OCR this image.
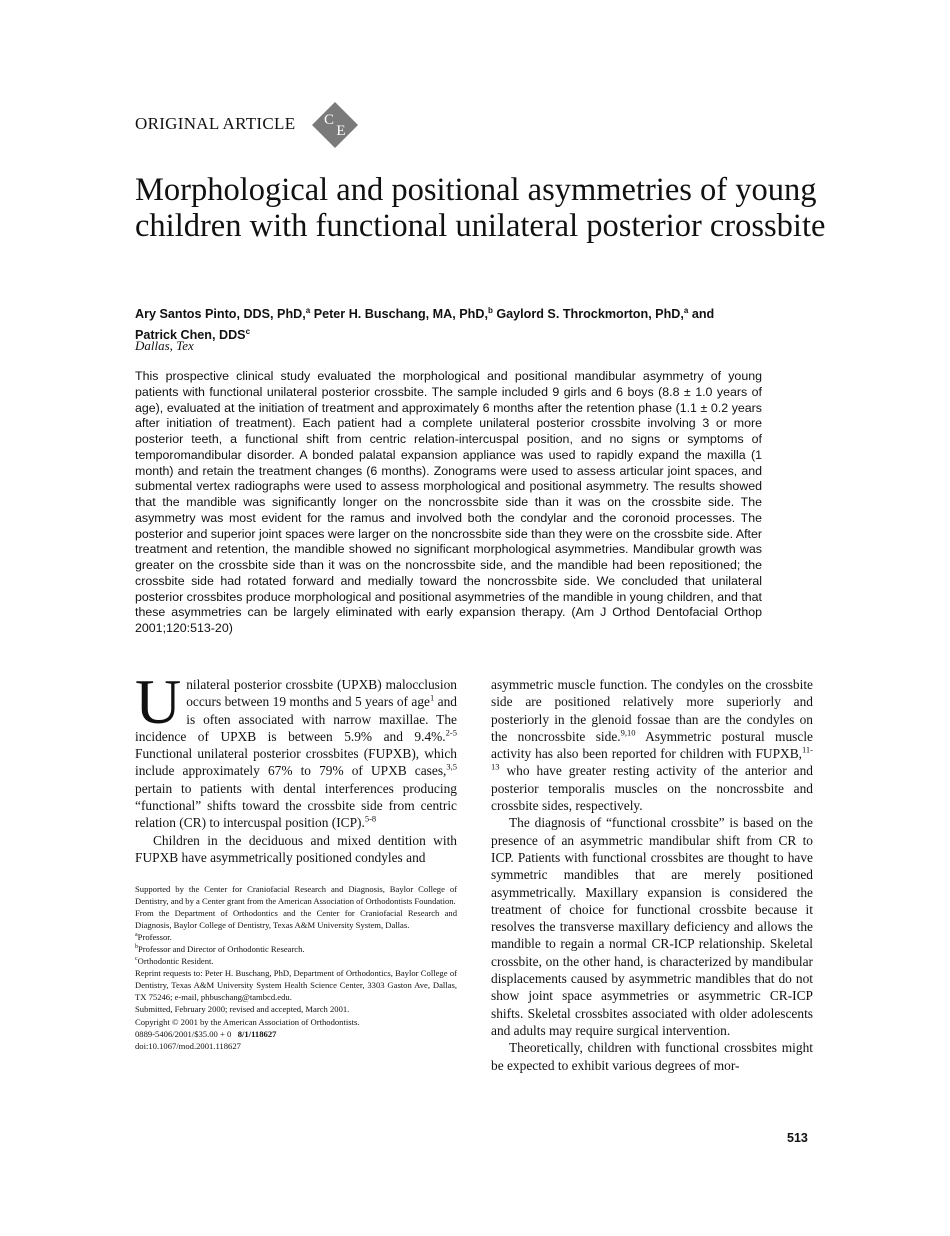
ORIGINAL ARTICLE C
E
Morphological and positional asymmetries of young children with functional unilateral posterior crossbite
Ary Santos Pinto, DDS, PhD,$^a$ Peter H. Buschang, MA, PhD,$^b$ Gaylord S. Throckmorton, PhD,$^a$ and
Patrick Chen, DDS$^c$
Dallas, Tex

This prospective clinical study evaluated the morphological and positional mandibular asymmetry of young patients with functional unilateral posterior crossbite. The sample included 9 girls and 6 boys (8.8 ± 1.0 years of age), evaluated at the initiation of treatment and approximately 6 months after the retention phase (1.1 ± 0.2 years after initiation of treatment). Each patient had a complete unilateral posterior crossbite involving 3 or more posterior teeth, a functional shift from centric relation-intercuspal position, and no signs or symptoms of temporomandibular disorder. A bonded palatal expansion appliance was used to rapidly expand the maxilla (1 month) and retain the treatment changes (6 months). Zonograms were used to assess articular joint spaces, and submental vertex radiographs were used to assess morphological and positional asymmetry. The results showed that the mandible was significantly longer on the noncrossbite side than it was on the crossbite side. The asymmetry was most evident for the ramus and involved both the condylar and the coronoid processes. The posterior and superior joint spaces were larger on the noncrossbite side than they were on the crossbite side. After treatment and retention, the mandible showed no significant morphological asymmetries. Mandibular growth was greater on the crossbite side than it was on the noncrossbite side, and the mandible had been repositioned; the crossbite side had rotated forward and medially toward the noncrossbite side. We concluded that unilateral posterior crossbites produce morphological and positional asymmetries of the mandible in young children, and that these asymmetries can be largely eliminated with early expansion therapy. (Am J Orthod Dentofacial Orthop 2001;120:513-20)

Unilateral posterior crossbite (UPXB) malocclusion occurs between 19 months and 5 years of age$^1$ and is often associated with narrow maxillae. The incidence of UPXB is between 5.9% and 9.4%.$^{2-5}$ Functional unilateral posterior crossbites (FUPXB), which include approximately 67% to 79% of UPXB cases,$^{3,5}$ pertain to patients with dental interferences producing “functional” shifts toward the crossbite side from centric relation (CR) to intercuspal position (ICP).$^{5-8}$

Children in the deciduous and mixed dentition with FUPXB have asymmetrically positioned condyles and

Supported by the Center for Craniofacial Research and Diagnosis, Baylor College of Dentistry, and by a Center grant from the American Association of Orthodontists Foundation.
From the Department of Orthodontics and the Center for Craniofacial Research and Diagnosis, Baylor College of Dentistry, Texas A&M University System, Dallas.
$^a$Professor.
$^b$Professor and Director of Orthodontic Research.
$^c$Orthodontic Resident.
Reprint requests to: Peter H. Buschang, PhD, Department of Orthodontics, Baylor College of Dentistry, Texas A&M University System Health Science Center, 3303 Gaston Ave, Dallas, TX 75246; e-mail, phbuschang@tambcd.edu.
Submitted, February 2000; revised and accepted, March 2001.
Copyright © 2001 by the American Association of Orthodontists.
0889-5406/2001/$35.00 + 0 8/1/118627
doi:10.1067/mod.2001.118627

asymmetric muscle function. The condyles on the crossbite side are positioned relatively more superiorly and posteriorly in the glenoid fossae than are the condyles on the noncrossbite side.$^{9,10}$ Asymmetric postural muscle activity has also been reported for children with FUPXB,$^{11-13}$ who have greater resting activity of the anterior and posterior temporalis muscles on the noncrossbite and crossbite sides, respectively.

The diagnosis of “functional crossbite” is based on the presence of an asymmetric mandibular shift from CR to ICP. Patients with functional crossbites are thought to have symmetric mandibles that are merely positioned asymmetrically. Maxillary expansion is considered the treatment of choice for functional crossbite because it resolves the transverse maxillary deficiency and allows the mandible to regain a normal CR-ICP relationship. Skeletal crossbite, on the other hand, is characterized by mandibular displacements caused by asymmetric mandibles that do not show joint space asymmetries or asymmetric CR-ICP shifts. Skeletal crossbites associated with older adolescents and adults may require surgical intervention.

Theoretically, children with functional crossbites might be expected to exhibit various degrees of mor-

513
